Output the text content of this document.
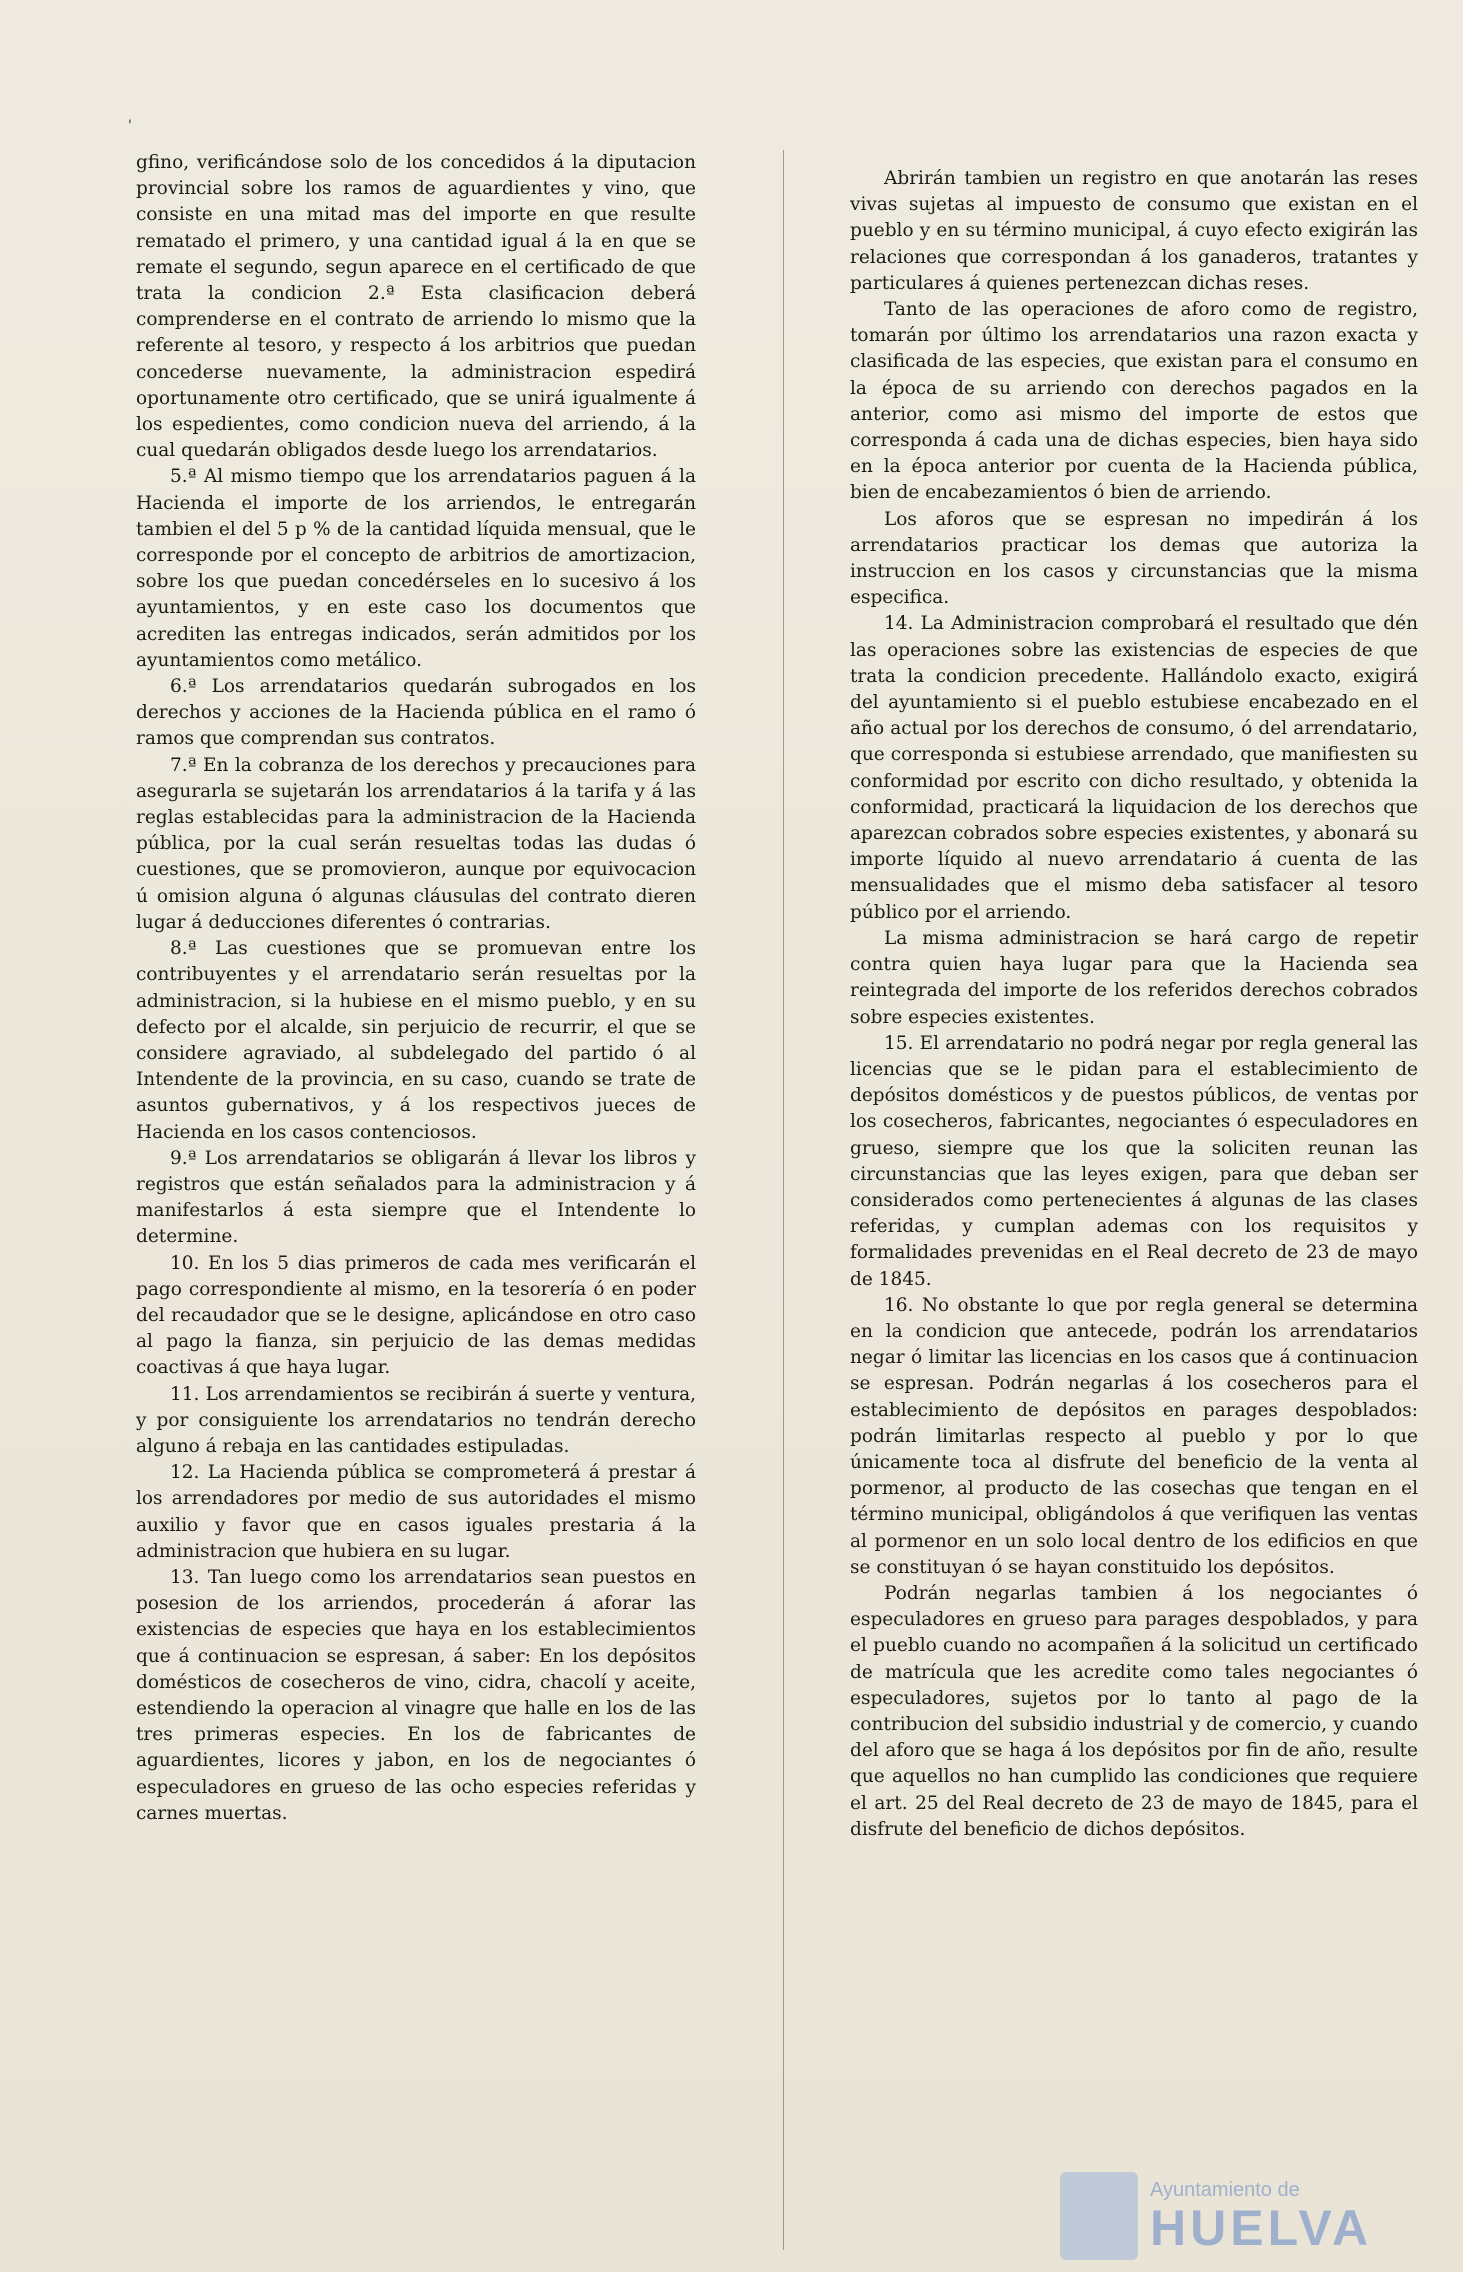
'

gfino, verificándose solo de los concedidos á la diputacion provincial sobre los ramos de aguardientes y vino, que consiste en una mitad mas del importe en que resulte rematado el primero, y una cantidad igual á la en que se remate el segundo, segun aparece en el certificado de que trata la condicion 2.ª Esta clasificacion deberá comprenderse en el contrato de arriendo lo mismo que la referente al tesoro, y respecto á los arbitrios que puedan concederse nuevamente, la administracion espedirá oportunamente otro certificado, que se unirá igualmente á los espedientes, como condicion nueva del arriendo, á la cual quedarán obligados desde luego los arrendatarios.

5.ª Al mismo tiempo que los arrendatarios paguen á la Hacienda el importe de los arriendos, le entregarán tambien el del 5 p % de la cantidad líquida mensual, que le corresponde por el concepto de arbitrios de amortizacion, sobre los que puedan concedérseles en lo sucesivo á los ayuntamientos, y en este caso los documentos que acrediten las entregas indicados, serán admitidos por los ayuntamientos como metálico.

6.ª Los arrendatarios quedarán subrogados en los derechos y acciones de la Hacienda pública en el ramo ó ramos que comprendan sus contratos.

7.ª En la cobranza de los derechos y precauciones para asegurarla se sujetarán los arrendatarios á la tarifa y á las reglas establecidas para la administracion de la Hacienda pública, por la cual serán resueltas todas las dudas ó cuestiones, que se promovieron, aunque por equivocacion ú omision alguna ó algunas cláusulas del contrato dieren lugar á deducciones diferentes ó contrarias.

8.ª Las cuestiones que se promuevan entre los contribuyentes y el arrendatario serán resueltas por la administracion, si la hubiese en el mismo pueblo, y en su defecto por el alcalde, sin perjuicio de recurrir, el que se considere agraviado, al subdelegado del partido ó al Intendente de la provincia, en su caso, cuando se trate de asuntos gubernativos, y á los respectivos jueces de Hacienda en los casos contenciosos.

9.ª Los arrendatarios se obligarán á llevar los libros y registros que están señalados para la administracion y á manifestarlos á esta siempre que el Intendente lo determine.

10. En los 5 dias primeros de cada mes verificarán el pago correspondiente al mismo, en la tesorería ó en poder del recaudador que se le designe, aplicándose en otro caso al pago la fianza, sin perjuicio de las demas medidas coactivas á que haya lugar.

11. Los arrendamientos se recibirán á suerte y ventura, y por consiguiente los arrendatarios no tendrán derecho alguno á rebaja en las cantidades estipuladas.

12. La Hacienda pública se comprometerá á prestar á los arrendadores por medio de sus autoridades el mismo auxilio y favor que en casos iguales prestaria á la administracion que hubiera en su lugar.

13. Tan luego como los arrendatarios sean puestos en posesion de los arriendos, procederán á aforar las existencias de especies que haya en los establecimientos que á continuacion se espresan, á saber: En los depósitos domésticos de cosecheros de vino, cidra, chacolí y aceite, estendiendo la operacion al vinagre que halle en los de las tres primeras especies. En los de fabricantes de aguardientes, licores y jabon, en los de negociantes ó especuladores en grueso de las ocho especies referidas y carnes muertas.

Abrirán tambien un registro en que anotarán las reses vivas sujetas al impuesto de consumo que existan en el pueblo y en su término municipal, á cuyo efecto exigirán las relaciones que correspondan á los ganaderos, tratantes y particulares á quienes pertenezcan dichas reses.

Tanto de las operaciones de aforo como de registro, tomarán por último los arrendatarios una razon exacta y clasificada de las especies, que existan para el consumo en la época de su arriendo con derechos pagados en la anterior, como asi mismo del importe de estos que corresponda á cada una de dichas especies, bien haya sido en la época anterior por cuenta de la Hacienda pública, bien de encabezamientos ó bien de arriendo.

Los aforos que se espresan no impedirán á los arrendatarios practicar los demas que autoriza la instruccion en los casos y circunstancias que la misma especifica.

14. La Administracion comprobará el resultado que dén las operaciones sobre las existencias de especies de que trata la condicion precedente. Hallándolo exacto, exigirá del ayuntamiento si el pueblo estubiese encabezado en el año actual por los derechos de consumo, ó del arrendatario, que corresponda si estubiese arrendado, que manifiesten su conformidad por escrito con dicho resultado, y obtenida la conformidad, practicará la liquidacion de los derechos que aparezcan cobrados sobre especies existentes, y abonará su importe líquido al nuevo arrendatario á cuenta de las mensualidades que el mismo deba satisfacer al tesoro público por el arriendo.

La misma administracion se hará cargo de repetir contra quien haya lugar para que la Hacienda sea reintegrada del importe de los referidos derechos cobrados sobre especies existentes.

15. El arrendatario no podrá negar por regla general las licencias que se le pidan para el establecimiento de depósitos domésticos y de puestos públicos, de ventas por los cosecheros, fabricantes, negociantes ó especuladores en grueso, siempre que los que la soliciten reunan las circunstancias que las leyes exigen, para que deban ser considerados como pertenecientes á algunas de las clases referidas, y cumplan ademas con los requisitos y formalidades prevenidas en el Real decreto de 23 de mayo de 1845.

16. No obstante lo que por regla general se determina en la condicion que antecede, podrán los arrendatarios negar ó limitar las licencias en los casos que á continuacion se espresan. Podrán negarlas á los cosecheros para el establecimiento de depósitos en parages despoblados: podrán limitarlas respecto al pueblo y por lo que únicamente toca al disfrute del beneficio de la venta al pormenor, al producto de las cosechas que tengan en el término municipal, obligándolos á que verifiquen las ventas al pormenor en un solo local dentro de los edificios en que se constituyan ó se hayan constituido los depósitos.

Podrán negarlas tambien á los negociantes ó especuladores en grueso para parages despoblados, y para el pueblo cuando no acompañen á la solicitud un certificado de matrícula que les acredite como tales negociantes ó especuladores, sujetos por lo tanto al pago de la contribucion del subsidio industrial y de comercio, y cuando del aforo que se haga á los depósitos por fin de año, resulte que aquellos no han cumplido las condiciones que requiere el art. 25 del Real decreto de 23 de mayo de 1845, para el disfrute del beneficio de dichos depósitos.

Ayuntamiento de
HUELVA
